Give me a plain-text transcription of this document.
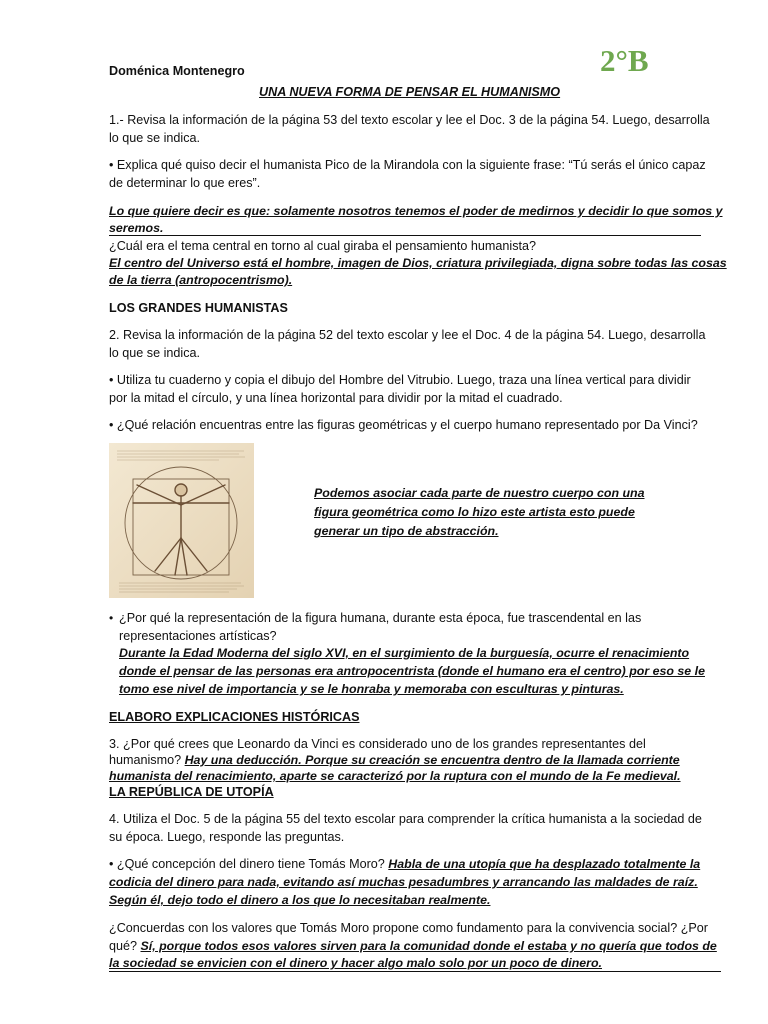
Doménica Montenegro	2°B
UNA NUEVA FORMA DE PENSAR EL HUMANISMO
1.- Revisa la información de la página 53 del texto escolar y lee el Doc. 3 de la página 54. Luego, desarrolla
lo que se indica.
• Explica qué quiso decir el humanista Pico de la Mirandola con la siguiente frase: “Tú serás el único capaz
de determinar lo que eres”.
Lo que quiere decir es que: solamente nosotros tenemos el poder de medirnos y decidir lo que somos y
seremos.
¿Cuál era el tema central en torno al cual giraba el pensamiento humanista?
El centro del Universo está el hombre, imagen de Dios, criatura privilegiada, digna sobre todas las cosas
de la tierra (antropocentrismo).
LOS GRANDES HUMANISTAS
2. Revisa la información de la página 52 del texto escolar y lee el Doc. 4 de la página 54. Luego, desarrolla
lo que se indica.
• Utiliza tu cuaderno y copia el dibujo del Hombre del Vitrubio. Luego, traza una línea vertical para dividir
por la mitad el círculo, y una línea horizontal para dividir por la mitad el cuadrado.
• ¿Qué relación encuentras entre las figuras geométricas y el cuerpo humano representado por Da Vinci?
Podemos asociar cada parte de nuestro cuerpo con una
figura geométrica como lo hizo este artista esto puede
generar un tipo de abstracción.
• ¿Por qué la representación de la figura humana, durante esta época, fue trascendental en las
representaciones artísticas?
Durante la Edad Moderna del siglo XVI, en el surgimiento de la burguesía, ocurre el renacimiento
donde el pensar de las personas era antropocentrista (donde el humano era el centro) por eso se le
tomo ese nivel de importancia y se le honraba y memoraba con esculturas y pinturas.
ELABORO EXPLICACIONES HISTÓRICAS
3. ¿Por qué crees que Leonardo da Vinci es considerado uno de los grandes representantes del
humanismo? Hay una deducción. Porque su creación se encuentra dentro de la llamada corriente
humanista del renacimiento, aparte se caracterizó por la ruptura con el mundo de la Fe medieval.
LA REPÚBLICA DE UTOPÍA
4. Utiliza el Doc. 5 de la página 55 del texto escolar para comprender la crítica humanista a la sociedad de
su época. Luego, responde las preguntas.
• ¿Qué concepción del dinero tiene Tomás Moro? Habla de una utopía que ha desplazado totalmente la
codicia del dinero para nada, evitando así muchas pesadumbres y arrancando las maldades de raíz.
Según él, dejo todo el dinero a los que lo necesitaban realmente.
¿Concuerdas con los valores que Tomás Moro propone como fundamento para la convivencia social? ¿Por
qué? Sí, porque todos esos valores sirven para la comunidad donde el estaba y no quería que todos de
la sociedad se envicien con el dinero y hacer algo malo solo por un poco de dinero.
